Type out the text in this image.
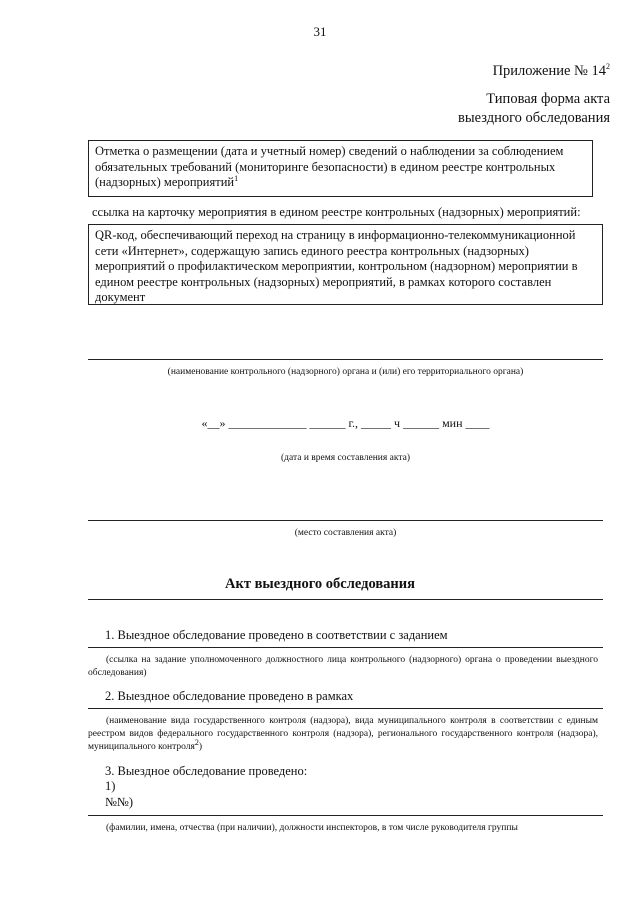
31
Приложение № $14^2$
Типовая форма акта
выездного обследования
Отметка о размещении (дата и учетный номер) сведений о наблюдении за соблюдением обязательных требований (мониторинге безопасности) в едином реестре контрольных (надзорных) мероприятий$^1$
ссылка на карточку мероприятия в едином реестре контрольных (надзорных) мероприятий:
QR-код, обеспечивающий переход на страницу в информационно-телекоммуникационной сети «Интернет», содержащую запись единого реестра контрольных (надзорных) мероприятий о профилактическом мероприятии, контрольном (надзорном) мероприятии в едином реестре контрольных (надзорных) мероприятий, в рамках которого составлен документ
(наименование контрольного (надзорного) органа и (или) его территориального органа)
«__» _____________ ______ г., _____ ч ______ мин ____
(дата и время составления акта)
(место составления акта)
Акт выездного обследования
1. Выездное обследование проведено в соответствии с заданием
(ссылка на задание уполномоченного должностного лица контрольного (надзорного) органа о проведении выездного обследования)
2. Выездное обследование проведено в рамках
(наименование вида государственного контроля (надзора), вида муниципального контроля в соответствии с единым реестром видов федерального государственного контроля (надзора), регионального государственного контроля (надзора), муниципального контроля$^2$)
3. Выездное обследование проведено:
1)
№№)
(фамилии, имена, отчества (при наличии), должности инспекторов, в том числе руководителя группы
